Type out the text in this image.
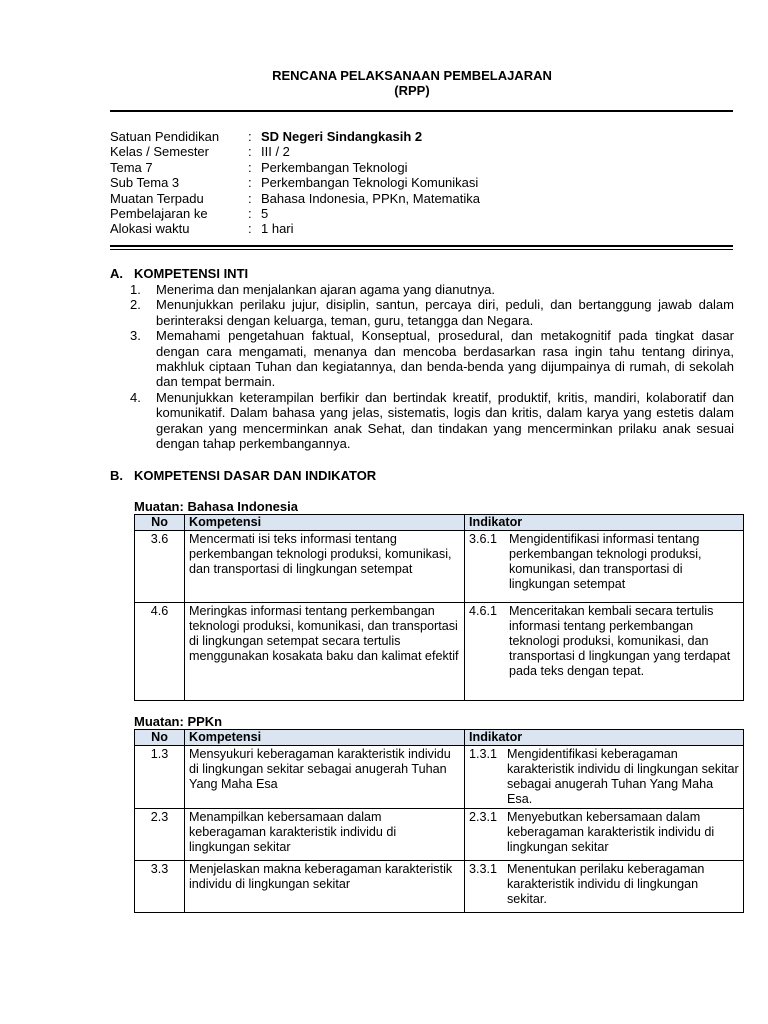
RENCANA PELAKSANAAN PEMBELAJARAN
(RPP)
Satuan Pendidikan : SD Negeri Sindangkasih 2
Kelas / Semester	: III / 2
Tema 7	: Perkembangan Teknologi
Sub Tema 3	: Perkembangan Teknologi Komunikasi
Muatan Terpadu	: Bahasa Indonesia, PPKn, Matematika
Pembelajaran ke	: 5
Alokasi waktu	: 1 hari
A. KOMPETENSI INTI
1. Menerima dan menjalankan ajaran agama yang dianutnya.
2. Menunjukkan perilaku jujur, disiplin, santun, percaya diri, peduli, dan bertanggung jawab dalam berinteraksi dengan keluarga, teman, guru, tetangga dan Negara.
3. Memahami pengetahuan faktual, Konseptual, prosedural, dan metakognitif pada tingkat dasar dengan cara mengamati, menanya dan mencoba berdasarkan rasa ingin tahu tentang dirinya, makhluk ciptaan Tuhan dan kegiatannya, dan benda-benda yang dijumpainya di rumah, di sekolah dan tempat bermain.
4. Menunjukkan keterampilan berfikir dan bertindak kreatif, produktif, kritis, mandiri, kolaboratif dan komunikatif. Dalam bahasa yang jelas, sistematis, logis dan kritis, dalam karya yang estetis dalam gerakan yang mencerminkan anak Sehat, dan tindakan yang mencerminkan prilaku anak sesuai dengan tahap perkembangannya.
B. KOMPETENSI DASAR DAN INDIKATOR
Muatan: Bahasa Indonesia
No	Kompetensi	Indikator
3.6	Mencermati isi teks informasi tentang perkembangan teknologi produksi, komunikasi, dan transportasi di lingkungan setempat	3.6.1 Mengidentifikasi informasi tentang perkembangan teknologi produksi, komunikasi, dan transportasi di lingkungan setempat

4.6	Meringkas informasi tentang perkembangan teknologi produksi, komunikasi, dan transportasi di lingkungan setempat secara tertulis menggunakan kosakata baku dan kalimat efektif	4.6.1 Menceritakan kembali secara tertulis informasi tentang perkembangan teknologi produksi, komunikasi, dan transportasi d lingkungan yang terdapat pada teks dengan tepat.
Muatan: PPKn
No	Kompetensi	Indikator
1.3	Mensyukuri keberagaman karakteristik individu di lingkungan sekitar sebagai anugerah Tuhan Yang Maha Esa	1.3.1 Mengidentifikasi keberagaman karakteristik individu di lingkungan sekitar sebagai anugerah Tuhan Yang Maha Esa.

2.3	Menampilkan kebersamaan dalam keberagaman karakteristik individu di lingkungan sekitar	2.3.1 Menyebutkan kebersamaan dalam keberagaman karakteristik individu di lingkungan sekitar

3.3	Menjelaskan makna keberagaman karakteristik individu di lingkungan sekitar	3.3.1 Menentukan perilaku keberagaman karakteristik individu di lingkungan sekitar.
